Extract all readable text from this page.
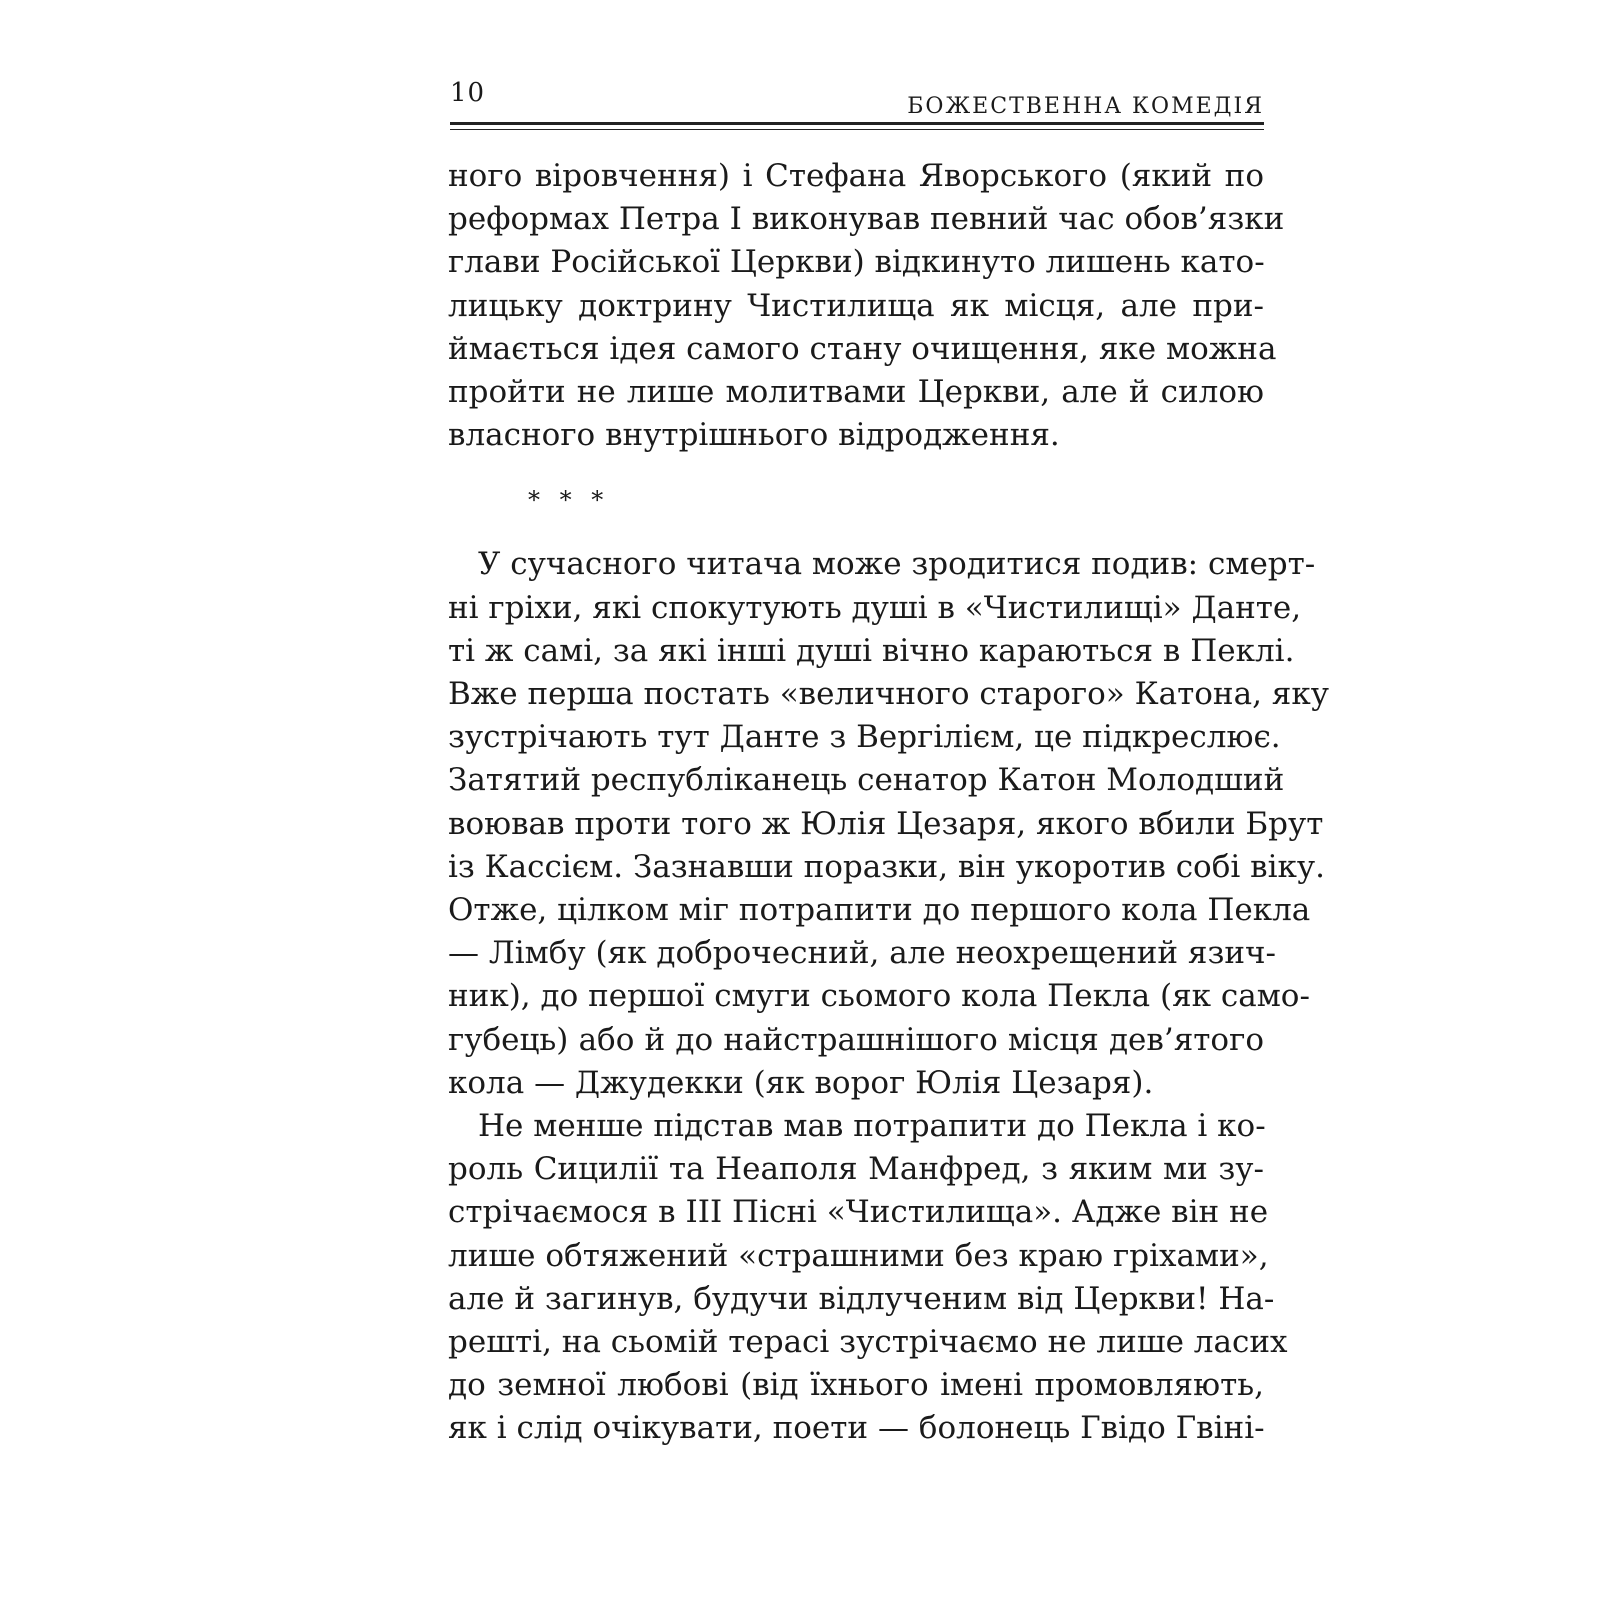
10	БОЖЕСТВЕННА КОМЕДІЯ
ного віровчення) і Стефана Яворського (який по
реформах Петра І виконував певний час обов’язки
глави Російської Церкви) відкинуто лишень като-
лицьку доктрину Чистилища як місця, але при-
ймається ідея самого стану очищення, яке можна
пройти не лише молитвами Церкви, але й силою
власного внутрішнього відродження.
* * *
У сучасного читача може зродитися подив: смерт-
ні гріхи, які спокутують душі в «Чистилищі» Данте,
ті ж самі, за які інші душі вічно караються в Пеклі.
Вже перша постать «величного старого» Катона, яку
зустрічають тут Данте з Вергілієм, це підкреслює.
Затятий республіканець сенатор Катон Молодший
воював проти того ж Юлія Цезаря, якого вбили Брут
із Кассієм. Зазнавши поразки, він укоротив собі віку.
Отже, цілком міг потрапити до першого кола Пекла
— Лімбу (як доброчесний, але неохрещений язич-
ник), до першої смуги сьомого кола Пекла (як само-
губець) або й до найстрашнішого місця дев’ятого
кола — Джудекки (як ворог Юлія Цезаря).
Не менше підстав мав потрапити до Пекла і ко-
роль Сицилії та Неаполя Манфред, з яким ми зу-
стрічаємося в III Пісні «Чистилища». Адже він не
лише обтяжений «страшними без краю гріхами»,
але й загинув, будучи відлученим від Церкви! На-
решті, на сьомій терасі зустрічаємо не лише ласих
до земної любові (від їхнього імені промовляють,
як і слід очікувати, поети — болонець Гвідо Гвіні-
